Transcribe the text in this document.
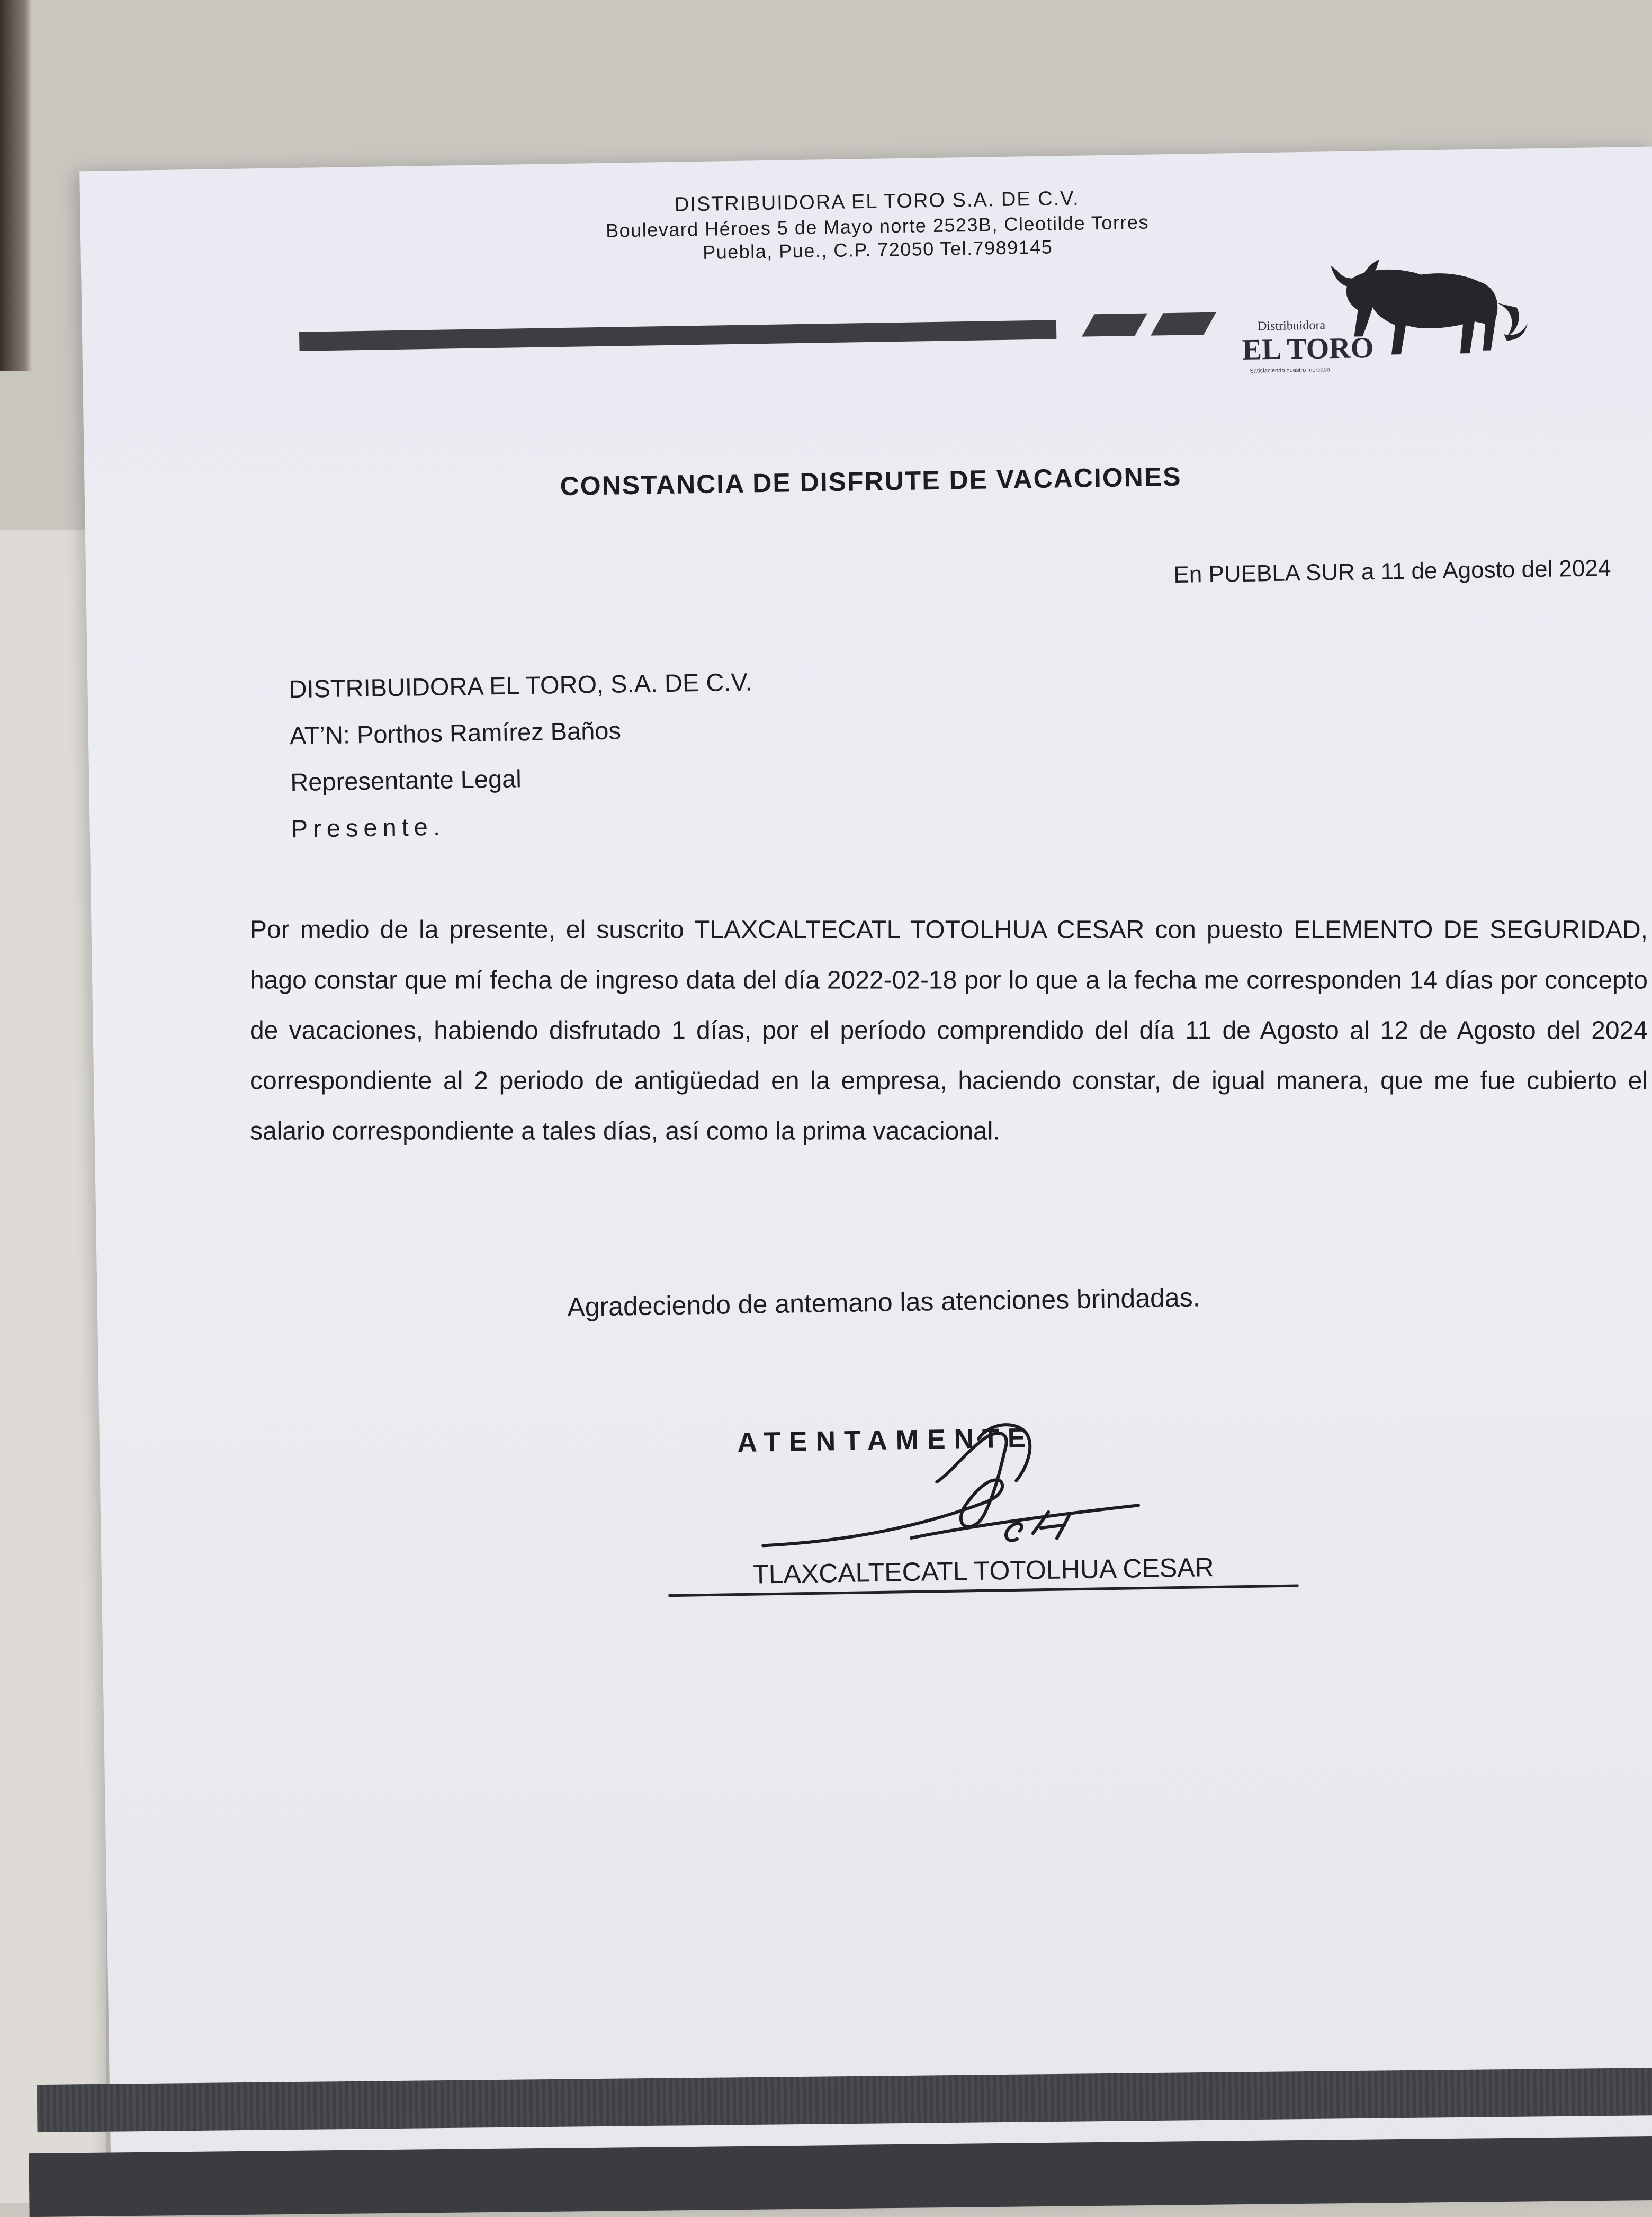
DISTRIBUIDORA EL TORO S.A. DE C.V.

Boulevard Héroes 5 de Mayo norte 2523B, Cleotilde Torres

Puebla, Pue., C.P. 72050 Tel.7989145

Distribuidora
EL TORO
Satisfaciendo nuestro mercado

CONSTANCIA DE DISFRUTE DE VACACIONES

En PUEBLA SUR a 11 de Agosto del 2024

DISTRIBUIDORA EL TORO, S.A. DE C.V.
AT’N: Porthos Ramírez Baños
Representante Legal
Presente.

Por medio de la presente, el suscrito TLAXCALTECATL TOTOLHUA CESAR con puesto ELEMENTO DE SEGURIDAD, hago constar que mí fecha de ingreso data del día 2022-02-18 por lo que a la fecha me corresponden 14 días por concepto de vacaciones, habiendo disfrutado 1 días, por el período comprendido del día 11 de Agosto al 12 de Agosto del 2024 correspondiente al 2 periodo de antigüedad en la empresa, haciendo constar, de igual manera, que me fue cubierto el salario correspondiente a tales días, así como la prima vacacional.

Agradeciendo de antemano las atenciones brindadas.

ATENTAMENTE

TLAXCALTECATL TOTOLHUA CESAR
